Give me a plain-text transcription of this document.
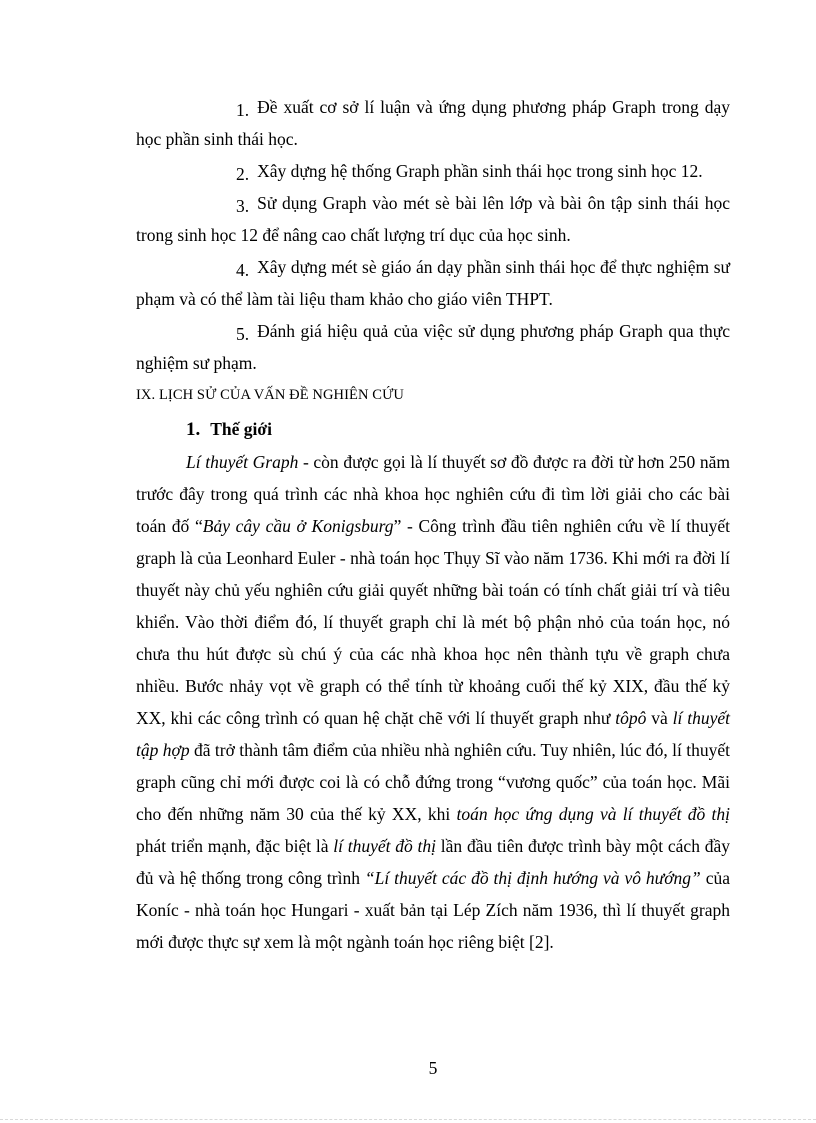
1. Đề xuất cơ sở lí luận và ứng dụng phương pháp Graph trong dạy học phần sinh thái học.

2. Xây dựng hệ thống Graph phần sinh thái học trong sinh học 12.

3. Sử dụng Graph vào mét sè bài lên lớp và bài ôn tập sinh thái học trong sinh học 12 để nâng cao chất lượng trí dục của học sinh.

4. Xây dựng mét sè giáo án dạy phần sinh thái học để thực nghiệm sư phạm và có thể làm tài liệu tham khảo cho giáo viên THPT.

5. Đánh giá hiệu quả của việc sử dụng phương pháp Graph qua thực nghiệm sư phạm.

IX. LỊCH SỬ CỦA VẤN ĐỀ NGHIÊN CỨU

1. Thế giới

Lí thuyết Graph - còn được gọi là lí thuyết sơ đồ được ra đời từ hơn 250 năm trước đây trong quá trình các nhà khoa học nghiên cứu đi tìm lời giải cho các bài toán đố “Bảy cây cầu ở Konigsburg” - Công trình đầu tiên nghiên cứu về lí thuyết graph là của Leonhard Euler - nhà toán học Thụy Sĩ vào năm 1736. Khi mới ra đời lí thuyết này chủ yếu nghiên cứu giải quyết những bài toán có tính chất giải trí và tiêu khiển. Vào thời điểm đó, lí thuyết graph chỉ là mét bộ phận nhỏ của toán học, nó chưa thu hút được sù chú ý của các nhà khoa học nên thành tựu về graph chưa nhiều. Bước nhảy vọt về graph có thể tính từ khoảng cuối thế kỷ XIX, đầu thế kỷ XX, khi các công trình có quan hệ chặt chẽ với lí thuyết graph như tôpô và lí thuyết tập hợp đã trở thành tâm điểm của nhiều nhà nghiên cứu. Tuy nhiên, lúc đó, lí thuyết graph cũng chỉ mới được coi là có chỗ đứng trong “vương quốc” của toán học. Mãi cho đến những năm 30 của thế kỷ XX, khi toán học ứng dụng và lí thuyết đồ thị phát triển mạnh, đặc biệt là lí thuyết đồ thị lần đầu tiên được trình bày một cách đầy đủ và hệ thống trong công trình “Lí thuyết các đồ thị định hướng và vô hướng” của Koníc - nhà toán học Hungari - xuất bản tại Lép Zích năm 1936, thì lí thuyết graph mới được thực sự xem là một ngành toán học riêng biệt [2].

5
